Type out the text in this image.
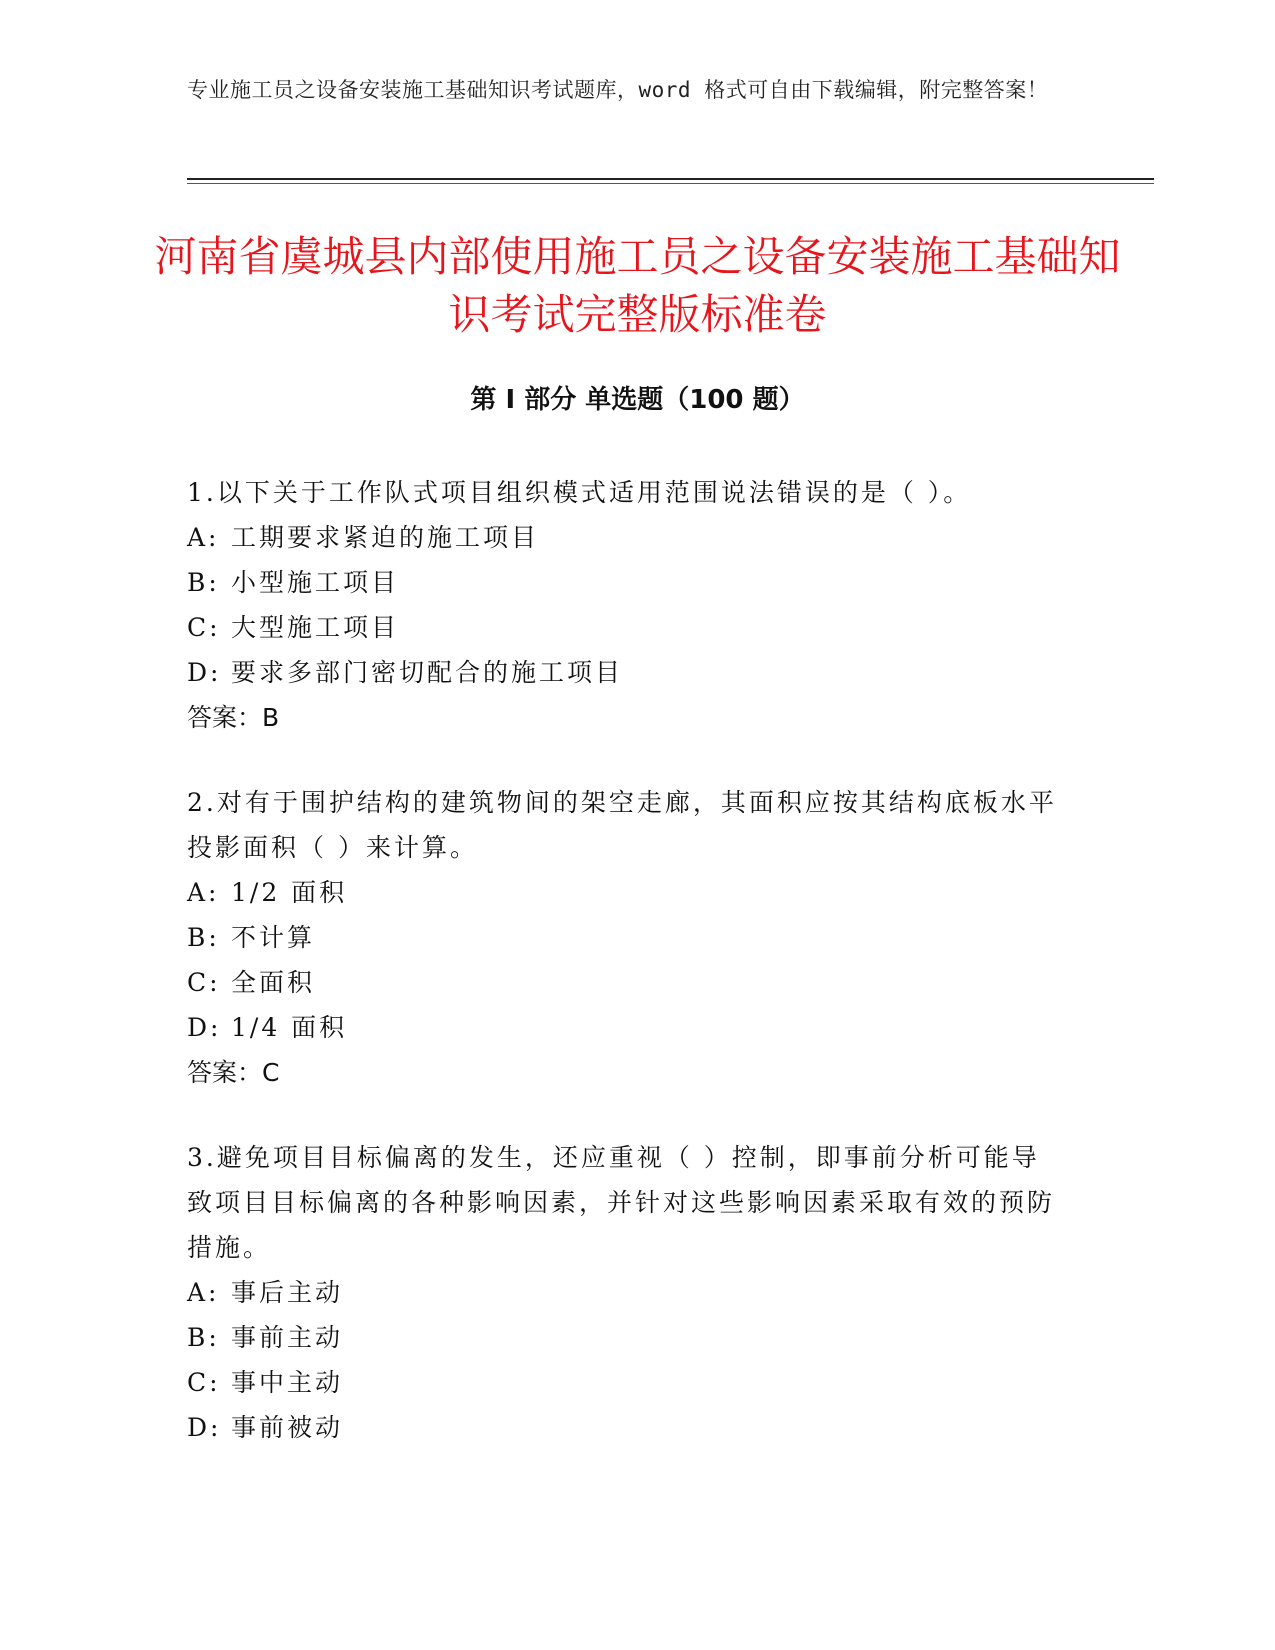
专业施工员之设备安装施工基础知识考试题库，word 格式可自由下载编辑，附完整答案！
河南省虞城县内部使用施工员之设备安装施工基础知识考试完整版标准卷
第 I 部分 单选题（100 题）

1.以下关于工作队式项目组织模式适用范围说法错误的是（ ）。

A: 工期要求紧迫的施工项目

B: 小型施工项目

C: 大型施工项目

D: 要求多部门密切配合的施工项目

答案：B

2.对有于围护结构的建筑物间的架空走廊，其面积应按其结构底板水平投影面积（ ）来计算。

A: 1/2 面积

B: 不计算

C: 全面积

D: 1/4 面积

答案：C

3.避免项目目标偏离的发生，还应重视（ ）控制，即事前分析可能导致项目目标偏离的各种影响因素，并针对这些影响因素采取有效的预防措施。

A: 事后主动

B: 事前主动

C: 事中主动

D: 事前被动
